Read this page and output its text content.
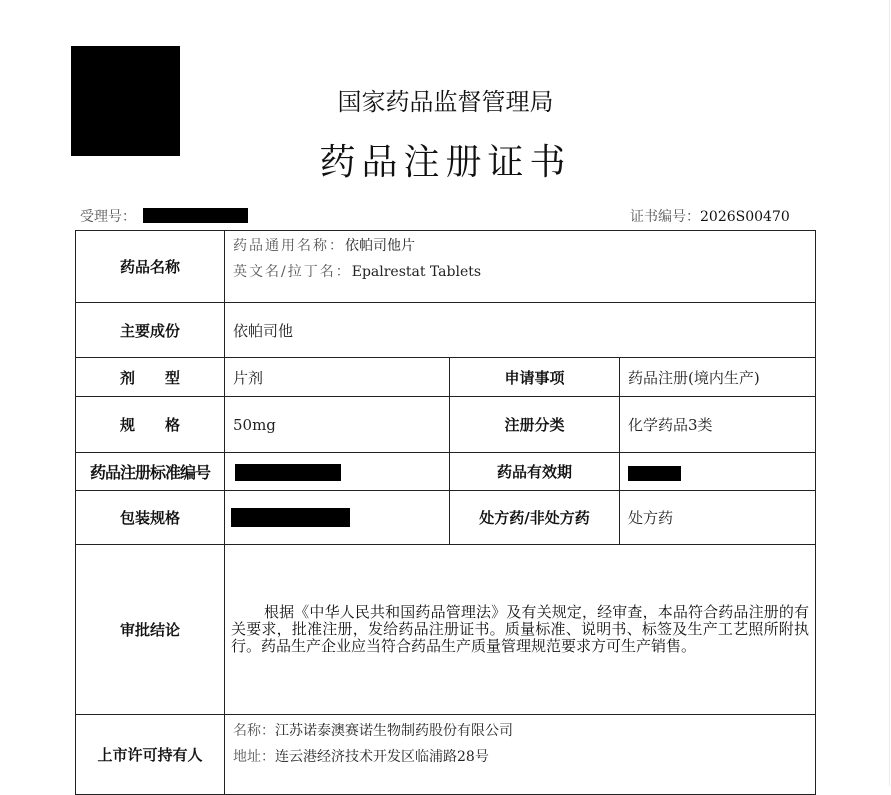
国家药品监督管理局
药品注册证书
受理号：	证书编号：2026S00470
药品名称	药品通用名称：依帕司他片
英文名/拉丁名：Epalrestat Tablets		

主要成份	依帕司他		
剂　　型	片剂	申请事项	药品注册(境内生产)
规　　格	50mg	注册分类	化学药品3类
药品注册标准编号		药品有效期	
包装规格		处方药/非处方药	处方药
审批结论	根据《中华人民共和国药品管理法》及有关规定，经审查，本品符合药品注册的有关要求，批准注册，发给药品注册证书。质量标准、说明书、标签及生产工艺照所附执行。药品生产企业应当符合药品生产质量管理规范要求方可生产销售。		

上市许可持有人	名称：江苏诺泰澳赛诺生物制药股份有限公司
地址：连云港经济技术开发区临浦路28号		
